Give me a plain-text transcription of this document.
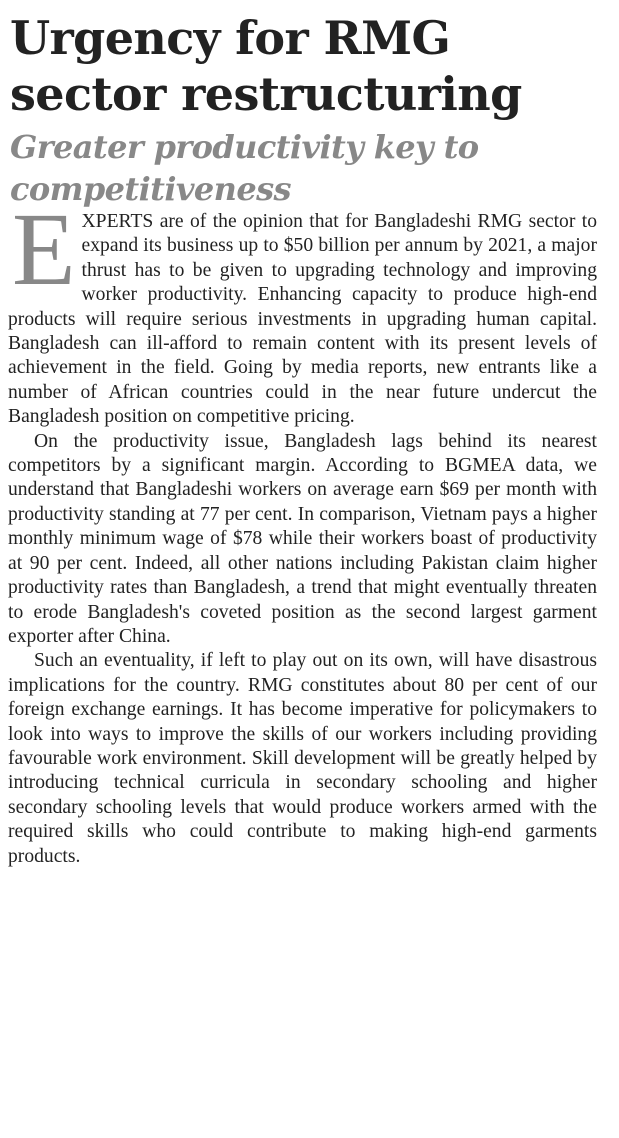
Urgency for RMG sector restructuring
Greater productivity key to competitiveness

EXPERTS are of the opinion that for Bangladeshi RMG sector to expand its business up to $50 billion per annum by 2021, a major thrust has to be given to upgrading technology and improving worker productivity. Enhancing capacity to produce high-end products will require serious investments in upgrading human capital. Bangladesh can ill-afford to remain content with its present levels of achievement in the field. Going by media reports, new entrants like a number of African countries could in the near future undercut the Bangladesh position on competitive pricing.

On the productivity issue, Bangladesh lags behind its nearest competitors by a significant margin. According to BGMEA data, we understand that Bangladeshi workers on average earn $69 per month with productivity standing at 77 per cent. In comparison, Vietnam pays a higher monthly minimum wage of $78 while their workers boast of productivity at 90 per cent. Indeed, all other nations including Pakistan claim higher productivity rates than Bangladesh, a trend that might eventually threaten to erode Bangladesh's coveted position as the second largest garment exporter after China.

Such an eventuality, if left to play out on its own, will have disastrous implications for the country. RMG constitutes about 80 per cent of our foreign exchange earnings. It has become imperative for policymakers to look into ways to improve the skills of our workers including providing favourable work environment. Skill development will be greatly helped by introducing technical curricula in secondary schooling and higher secondary schooling levels that would produce workers armed with the required skills who could contribute to making high-end garments products.
